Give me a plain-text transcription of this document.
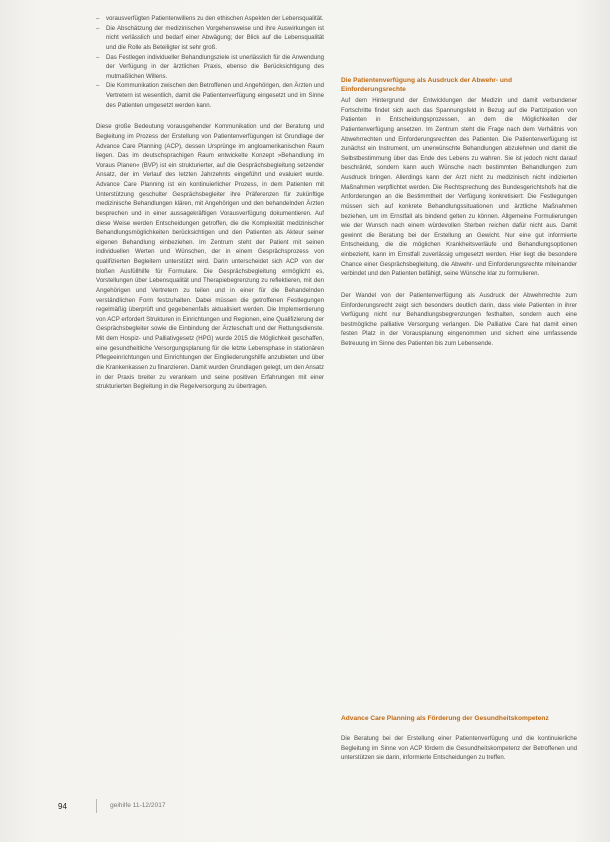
– vorausverfügten Patientenwillens zu den ethischen Aspekten der Lebensqualität.
– Die Abschätzung der medizinischen Vorgehensweise und ihre Auswirkungen ist nicht verlässlich und bedarf einer Abwägung; der Blick auf die Lebensqualität und die Rolle als Beteiligter ist sehr groß.
– Das Festlegen individueller Behandlungsziele ist unerlässlich für die Anwendung der Verfügung in der ärztlichen Praxis, ebenso die Berücksichtigung des mutmaßlichen Willens.
– Die Kommunikation zwischen den Betroffenen und Angehörigen, den Ärzten und Vertretern ist wesentlich, damit die Patientenverfügung eingesetzt und im Sinne des Patienten umgesetzt werden kann.

Diese große Bedeutung vorausgehender Kommunikation und der Beratung und Begleitung im Prozess der Erstellung von Patientenverfügungen ist Grundlage der Advance Care Planning (ACP), dessen Ursprünge im angloamerikanischen Raum liegen. Das im deutschsprachigen Raum entwickelte Konzept »Behandlung im Voraus Planen« (BVP) ist ein strukturierter, auf die Gesprächsbegleitung setzender Ansatz, der im Verlauf des letzten Jahrzehnts eingeführt und evaluiert wurde. Advance Care Planning ist ein kontinuierlicher Prozess, in dem Patienten mit Unterstützung geschulter Gesprächsbegleiter ihre Präferenzen für zukünftige medizinische Behandlungen klären, mit Angehörigen und den behandelnden Ärzten besprechen und in einer aussagekräftigen Vorausverfügung dokumentieren. Auf diese Weise werden Entscheidungen getroffen, die die Komplexität medizinischer Behandlungsmöglichkeiten berücksichtigen und den Patienten als Akteur seiner eigenen Behandlung einbeziehen. Im Zentrum steht der Patient mit seinen individuellen Werten und Wünschen, der in einem Gesprächsprozess von qualifizierten Begleitern unterstützt wird. Darin unterscheidet sich ACP von der bloßen Ausfüllhilfe für Formulare. Die Gesprächsbegleitung ermöglicht es, Vorstellungen über Lebensqualität und Therapiebegrenzung zu reflektieren, mit den Angehörigen und Vertretern zu teilen und in einer für die Behandelnden verständlichen Form festzuhalten. Dabei müssen die getroffenen Festlegungen regelmäßig überprüft und gegebenenfalls aktualisiert werden. Die Implementierung von ACP erfordert Strukturen in Einrichtungen und Regionen, eine Qualifizierung der Gesprächsbegleiter sowie die Einbindung der Ärzteschaft und der Rettungsdienste. Mit dem Hospiz- und Palliativgesetz (HPG) wurde 2015 die Möglichkeit geschaffen, eine gesundheitliche Versorgungsplanung für die letzte Lebensphase in stationären Pflegeeinrichtungen und Einrichtungen der Eingliederungshilfe anzubieten und über die Krankenkassen zu finanzieren. Damit wurden Grundlagen gelegt, um den Ansatz in der Praxis breiter zu verankern und seine positiven Erfahrungen mit einer strukturierten Begleitung in die Regelversorgung zu übertragen.

Die Patientenverfügung als Ausdruck der Abwehr- und Einforderungsrechte

Auf dem Hintergrund der Entwicklungen der Medizin und damit verbundener Fortschritte findet sich auch das Spannungsfeld in Bezug auf die Partizipation von Patienten in Entscheidungsprozessen, an dem die Möglichkeiten der Patientenverfügung ansetzen. Im Zentrum steht die Frage nach dem Verhältnis von Abwehrrechten und Einforderungsrechten des Patienten. Die Patientenverfügung ist zunächst ein Instrument, um unerwünschte Behandlungen abzulehnen und damit die Selbstbestimmung über das Ende des Lebens zu wahren. Sie ist jedoch nicht darauf beschränkt, sondern kann auch Wünsche nach bestimmten Behandlungen zum Ausdruck bringen. Allerdings kann der Arzt nicht zu medizinisch nicht indizierten Maßnahmen verpflichtet werden. Die Rechtsprechung des Bundesgerichtshofs hat die Anforderungen an die Bestimmtheit der Verfügung konkretisiert: Die Festlegungen müssen sich auf konkrete Behandlungssituationen und ärztliche Maßnahmen beziehen, um im Ernstfall als bindend gelten zu können. Allgemeine Formulierungen wie der Wunsch nach einem würdevollen Sterben reichen dafür nicht aus. Damit gewinnt die Beratung bei der Erstellung an Gewicht. Nur eine gut informierte Entscheidung, die die möglichen Krankheitsverläufe und Behandlungsoptionen einbezieht, kann im Ernstfall zuverlässig umgesetzt werden. Hier liegt die besondere Chance einer Gesprächsbegleitung, die Abwehr- und Einforderungsrechte miteinander verbindet und den Patienten befähigt, seine Wünsche klar zu formulieren.

Der Wandel von der Patientenverfügung als Ausdruck der Abwehrrechte zum Einforderungsrecht zeigt sich besonders deutlich darin, dass viele Patienten in ihrer Verfügung nicht nur Behandlungsbegrenzungen festhalten, sondern auch eine bestmögliche palliative Versorgung verlangen. Die Palliative Care hat damit einen festen Platz in der Vorausplanung eingenommen und sichert eine umfassende Betreuung im Sinne des Patienten bis zum Lebensende.

Advance Care Planning als Förderung der Gesundheitskompetenz

Die Beratung bei der Erstellung einer Patientenverfügung und die kontinuierliche Begleitung im Sinne von ACP fördern die Gesundheitskompetenz der Betroffenen und unterstützen sie darin, informierte Entscheidungen zu treffen.

94	geihilfe 11-12/2017
